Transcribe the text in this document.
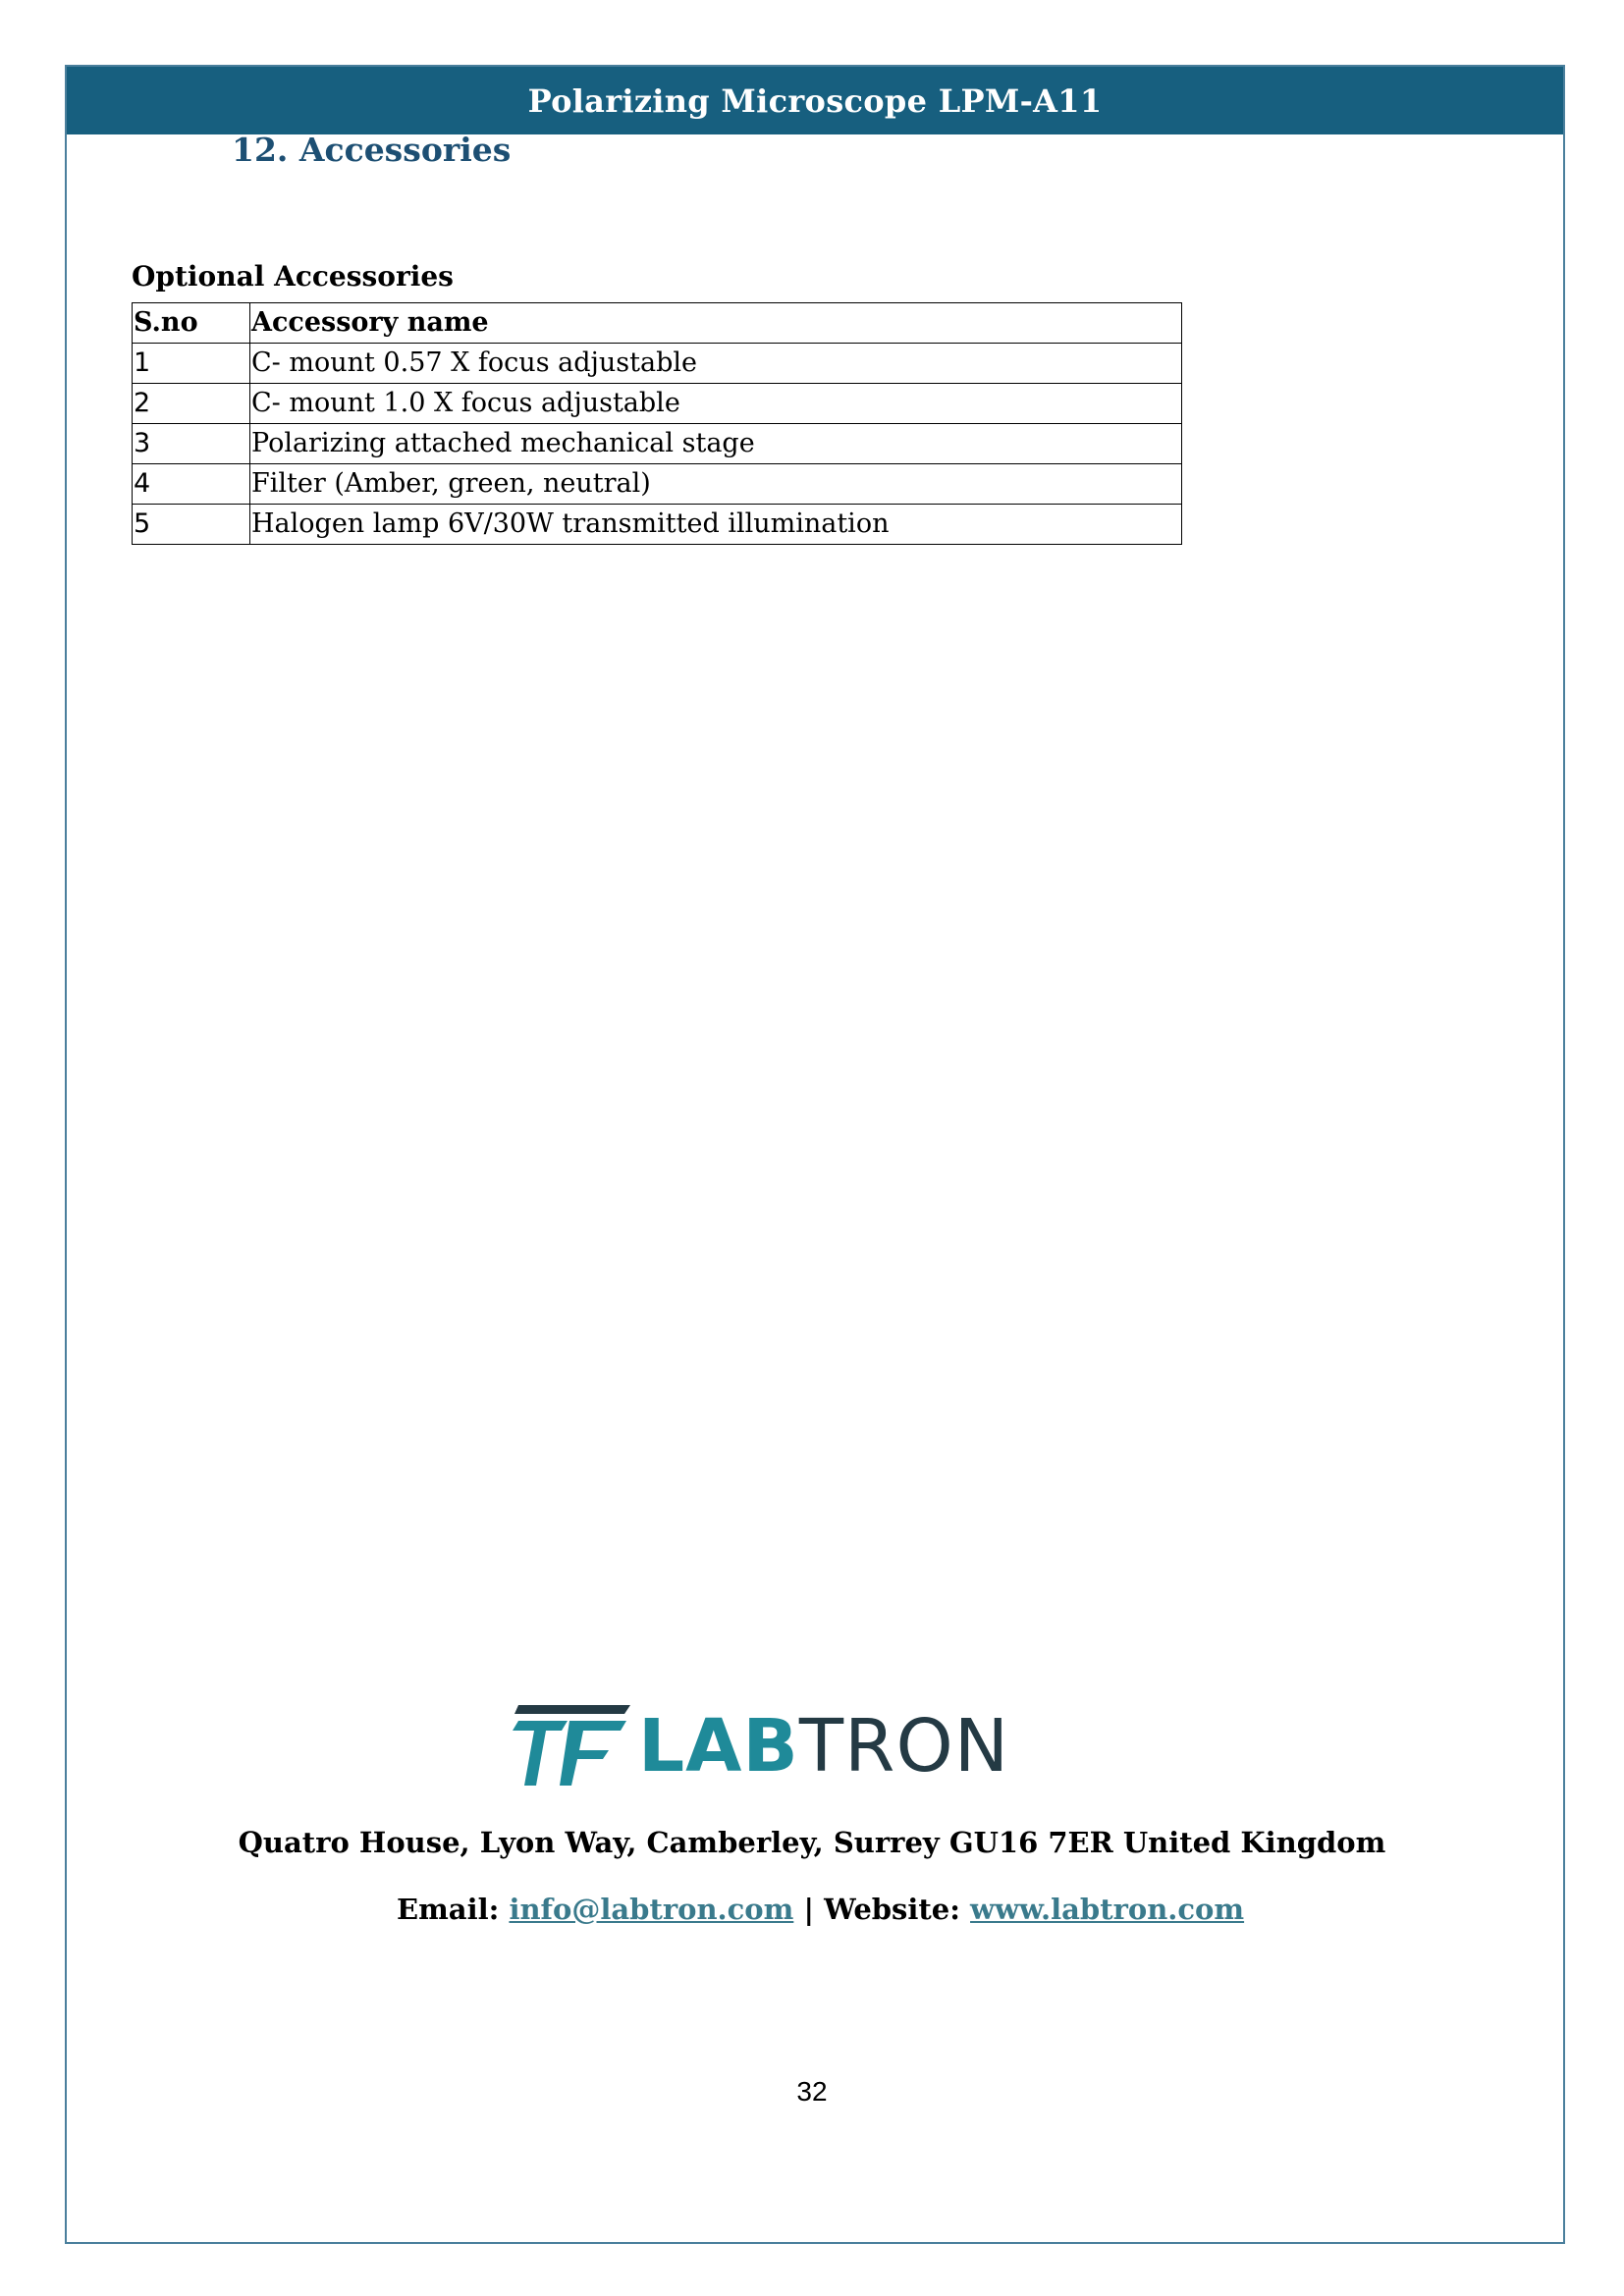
Polarizing Microscope LPM-A11
12. Accessories

Optional Accessories

S.no	Accessory name
1	C- mount 0.57 X focus adjustable
2	C- mount 1.0 X focus adjustable
3	Polarizing attached mechanical stage
4	Filter (Amber, green, neutral)
5	Halogen lamp 6V/30W transmitted illumination
LABTRON

Quatro House, Lyon Way, Camberley, Surrey GU16 7ER United Kingdom

Email: info@labtron.com | Website: www.labtron.com

32
